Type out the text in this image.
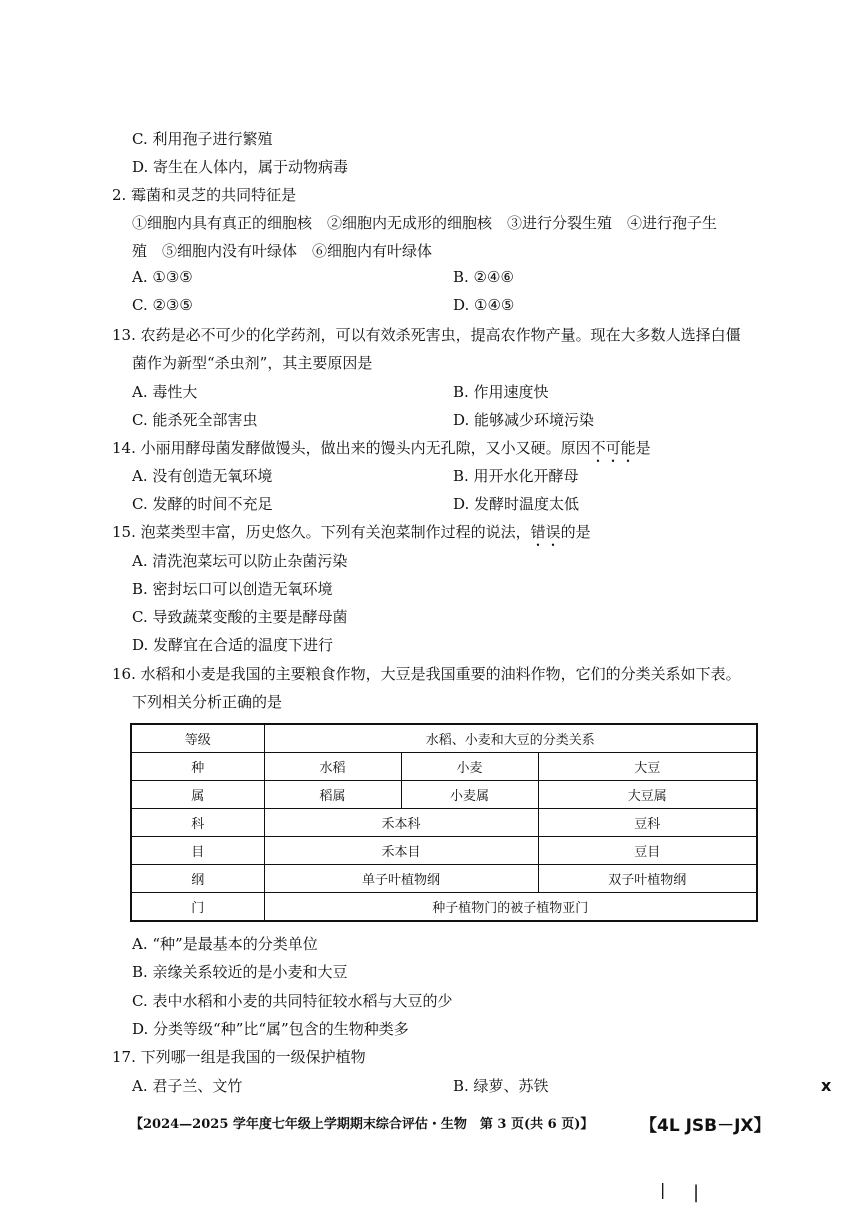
C. 利用孢子进行繁殖
D. 寄生在人体内，属于动物病毒
2. 霉菌和灵芝的共同特征是
①细胞内具有真正的细胞核　②细胞内无成形的细胞核　③进行分裂生殖　④进行孢子生
殖　⑤细胞内没有叶绿体　⑥细胞内有叶绿体
A. ①③⑤	B. ②④⑥
C. ②③⑤	D. ①④⑤
13. 农药是必不可少的化学药剂，可以有效杀死害虫，提高农作物产量。现在大多数人选择白僵
菌作为新型“杀虫剂”，其主要原因是
A. 毒性大	B. 作用速度快
C. 能杀死全部害虫	D. 能够减少环境污染
14. 小丽用酵母菌发酵做馒头，做出来的馒头内无孔隙，又小又硬。原因不可能是
A. 没有创造无氧环境	B. 用开水化开酵母
C. 发酵的时间不充足	D. 发酵时温度太低
15. 泡菜类型丰富，历史悠久。下列有关泡菜制作过程的说法，错误的是
A. 清洗泡菜坛可以防止杂菌污染
B. 密封坛口可以创造无氧环境
C. 导致蔬菜变酸的主要是酵母菌
D. 发酵宜在合适的温度下进行
16. 水稻和小麦是我国的主要粮食作物，大豆是我国重要的油料作物，它们的分类关系如下表。
下列相关分析正确的是
等级	水稻、小麦和大豆的分类关系		
种	水稻	小麦	大豆
属	稻属	小麦属	大豆属
科	禾本科		豆科
目	禾本目		豆目
纲	单子叶植物纲		双子叶植物纲
门	种子植物门的被子植物亚门		
A. “种”是最基本的分类单位
B. 亲缘关系较近的是小麦和大豆
C. 表中水稻和小麦的共同特征较水稻与大豆的少
D. 分类等级“种”比“属”包含的生物种类多
17. 下列哪一组是我国的一级保护植物
A. 君子兰、文竹	B. 绿萝、苏铁	x
【2024—2025 学年度七年级上学期期末综合评估・生物　第 3 页(共 6 页)】	【4L JSB－JX】
| |
